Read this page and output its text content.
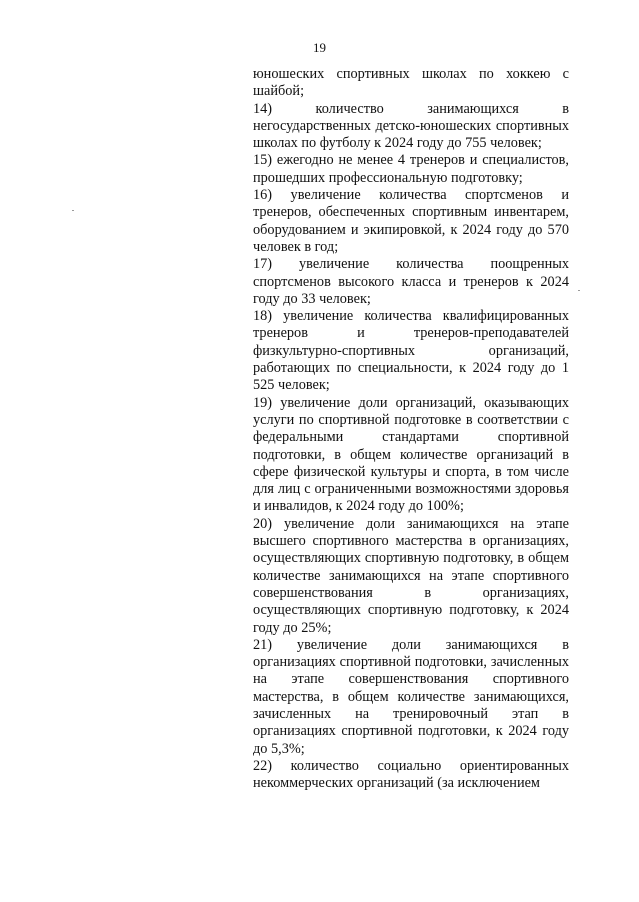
19

юношеских спортивных школах по хоккею с шайбой;

14) количество занимающихся в негосударственных детско-юношеских спортивных школах по футболу к 2024 году до 755 человек;

15) ежегодно не менее 4 тренеров и специалистов, прошедших профессиональную подготовку;

16) увеличение количества спортсменов и тренеров, обеспеченных спортивным инвентарем, оборудованием и экипировкой, к 2024 году до 570 человек в год;

17) увеличение количества поощренных спортсменов высокого класса и тренеров к 2024 году до 33 человек;

18) увеличение количества квалифицированных тренеров и тренеров-преподавателей физкультурно-спортивных организаций, работающих по специальности, к 2024 году до 1 525 человек;

19) увеличение доли организаций, оказывающих услуги по спортивной подготовке в соответствии с федеральными стандартами спортивной подготовки, в общем количестве организаций в сфере физической культуры и спорта, в том числе для лиц с ограниченными возможностями здоровья и инвалидов, к 2024 году до 100%;

20) увеличение доли занимающихся на этапе высшего спортивного мастерства в организациях, осуществляющих спортивную подготовку, в общем количестве занимающихся на этапе спортивного совершенствования в организациях, осуществляющих спортивную подготовку, к 2024 году до 25%;

21) увеличение доли занимающихся в организациях спортивной подготовки, зачисленных на этапе совершенствования спортивного мастерства, в общем количестве занимающихся, зачисленных на тренировочный этап в организациях спортивной подготовки, к 2024 году до 5,3%;

22) количество социально ориентированных некоммерческих организаций (за исключением
